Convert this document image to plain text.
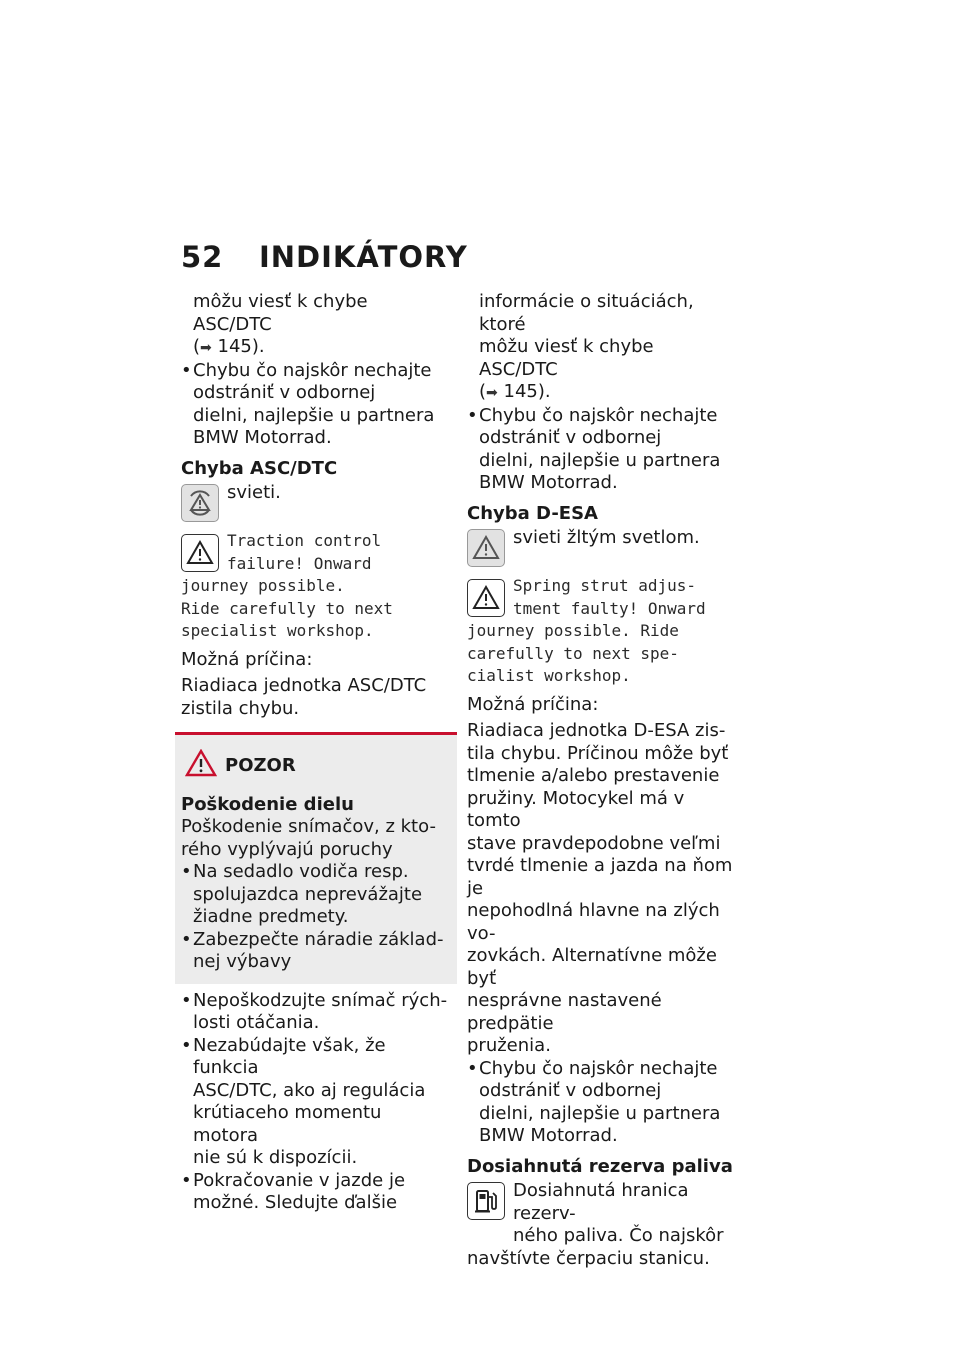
52 INDIKÁTORY

môžu viesť k chybe ASC/DTC

(➡ 145).

• Chybu čo najskôr nechajte
odstrániť v odbornej
dielni, najlepšie u partnera
BMW Motorrad.
Chyba ASC/DTC
svieti.
Traction control
failure! Onward
journey possible.
Ride carefully to next
specialist workshop.

Možná príčina:

Riadiaca jednotka ASC/DTC
zistila chybu.

POZOR
Poškodenie dielu
Poškodenie snímačov, z kto-
rého vyplývajú poruchy
• Na sedadlo vodiča resp.
spolujazdca neprevážajte
žiadne predmety.
• Zabezpečte náradie základ-
nej výbavy
• Nepoškodzujte snímač rých-
losti otáčania.
• Nezabúdajte však, že funkcia
ASC/DTC, ako aj regulácia
krútiaceho momentu motora
nie sú k dispozícii.
• Pokračovanie v jazde je
možné. Sledujte ďalšie

informácie o situáciách, ktoré

môžu viesť k chybe ASC/DTC

(➡ 145).

• Chybu čo najskôr nechajte
odstrániť v odbornej
dielni, najlepšie u partnera
BMW Motorrad.
Chyba D-ESA
svieti žltým svetlom.
Spring strut adjus-
tment faulty! Onward
journey possible. Ride
carefully to next spe-
cialist workshop.

Možná príčina:

Riadiaca jednotka D-ESA zis-
tila chybu. Príčinou môže byť
tlmenie a/alebo prestavenie
pružiny. Motocykel má v tomto
stave pravdepodobne veľmi
tvrdé tlmenie a jazda na ňom je
nepohodlná hlavne na zlých vo-
zovkách. Alternatívne môže byť
nesprávne nastavené predpätie
pruženia.
• Chybu čo najskôr nechajte
odstrániť v odbornej
dielni, najlepšie u partnera
BMW Motorrad.
Dosiahnutá rezerva paliva
Dosiahnutá hranica rezerv-
ného paliva. Čo najskôr
navštívte čerpaciu stanicu.
